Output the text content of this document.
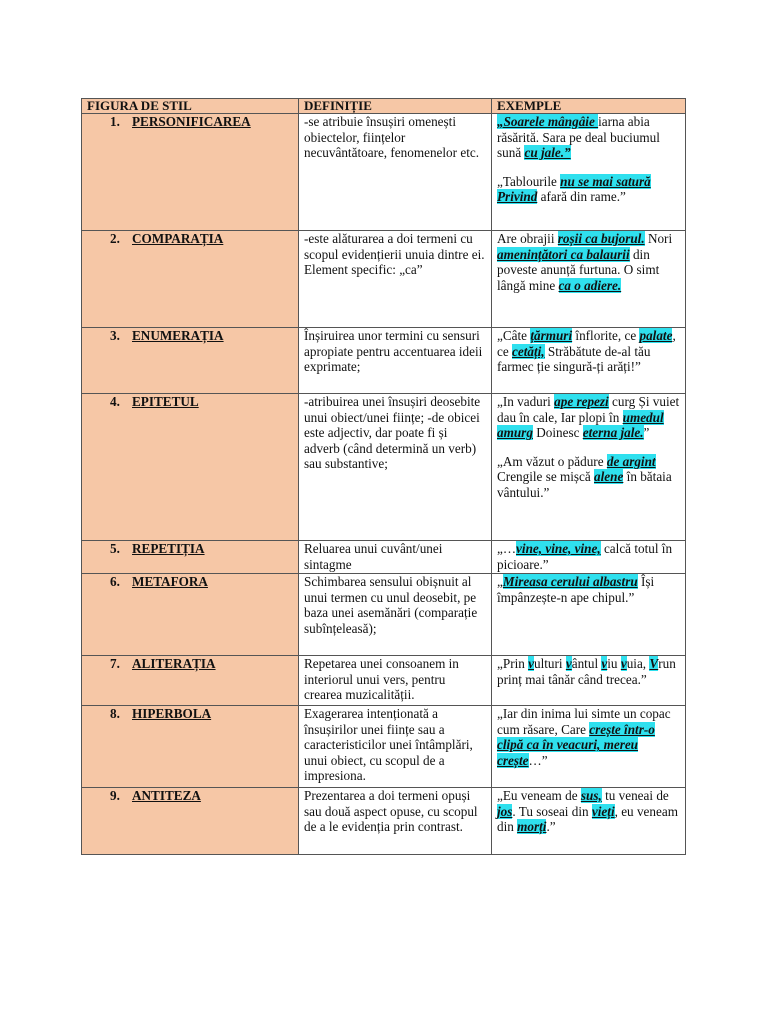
FIGURA DE STIL	DEFINIȚIE	EXEMPLE
1. PERSONIFICAREA	-se atribuie însușiri omenești obiectelor, ființelor necuvântătoare, fenomenelor etc.	„Soarele mângâie iarna abia răsărită. Sara pe deal buciumul sună cu jale.”

„Tablourile nu se mai satură Privind afară din rame.”

2. COMPARAȚIA	-este alăturarea a doi termeni cu scopul evidențierii unuia dintre ei. Element specific: „ca”	Are obrajii roșii ca bujorul. Nori amenințători ca balaurii din poveste anunță furtuna. O simt lângă mine ca o adiere.

3. ENUMERAȚIA	Înșiruirea unor termini cu sensuri apropiate pentru accentuarea ideii exprimate;	„Câte țărmuri înflorite, ce palate, ce cetăți, Străbătute de-al tău farmec ție singură-ți arăți!”

4. EPITETUL	-atribuirea unei însușiri deosebite unui obiect/unei ființe; -de obicei este adjectiv, dar poate fi și adverb (când determină un verb) sau substantive;	„In vaduri ape repezi curg Și vuiet dau în cale, Iar plopi în umedul amurg Doinesc eterna jale.”

„Am văzut o pădure de argint Crengile se mișcă alene în bătaia vântului.”

5. REPETIȚIA	Reluarea unui cuvânt/unei sintagme	„…vine, vine, vine, calcă totul în picioare.”

6. METAFORA	Schimbarea sensului obișnuit al unui termen cu unul deosebit, pe baza unei asemănări (comparație subînțeleasă);	„Mireasa cerului albastru Își împânzește-n ape chipul.”

7. ALITERAȚIA	Repetarea unei consoanem in interiorul unui vers, pentru crearea muzicalității.	„Prin vulturi vântul viu vuia, Vrun prinț mai tânăr când trecea.”

8. HIPERBOLA	Exagerarea intenționată a însușirilor unei ființe sau a caracteristicilor unei întâmplări, unui obiect, cu scopul de a impresiona.	„Iar din inima lui simte un copac cum răsare, Care crește într-o clipă ca în veacuri, mereu crește…”

9. ANTITEZA	Prezentarea a doi termeni opuși sau două aspect opuse, cu scopul de a le evidenția prin contrast.	„Eu veneam de sus, tu veneai de jos. Tu soseai din vieți, eu veneam din morți.”
